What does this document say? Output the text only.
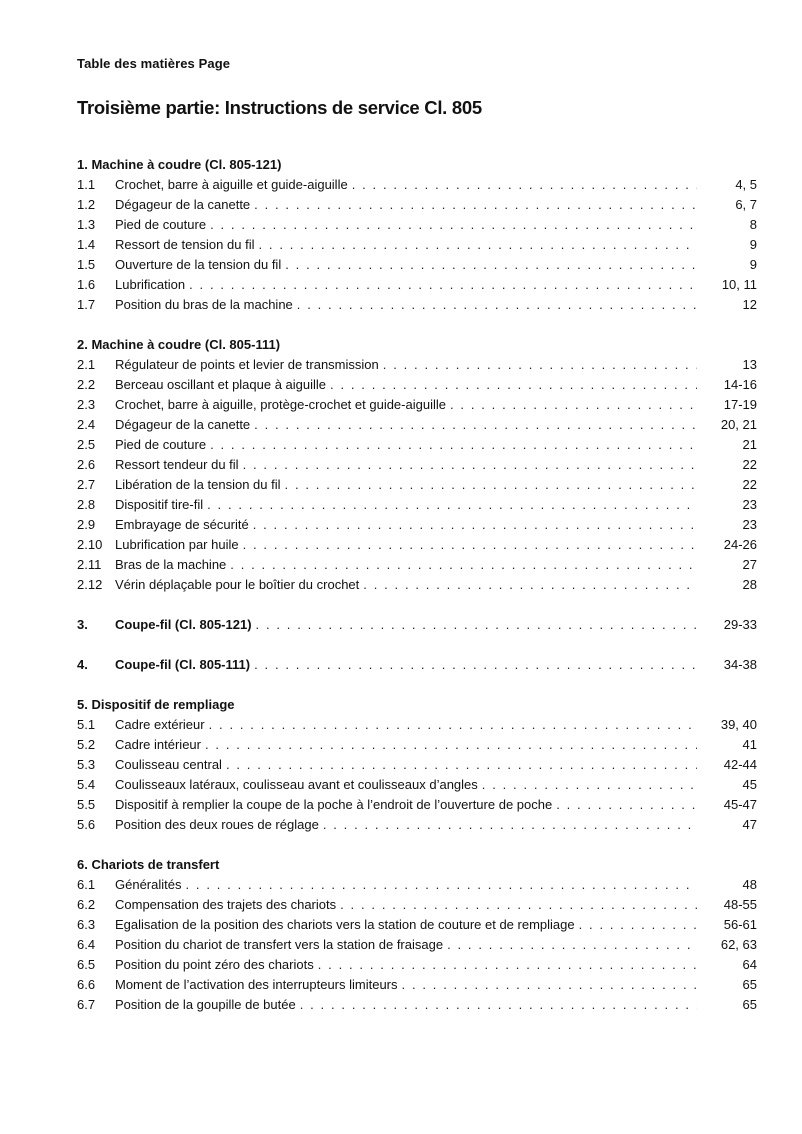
Table des matières Page
Troisième partie: Instructions de service Cl. 805
1. Machine à coudre (Cl. 805-121)
1.1	Crochet, barre à aiguille et guide-aiguille . . .	4, 5
1.2	Dégageur de la canette . . .	6, 7
1.3	Pied de couture . . .	8
1.4	Ressort de tension du fil . . .	9
1.5	Ouverture de la tension du fil . . .	9
1.6	Lubrification . . .	10, 11
1.7	Position du bras de la machine . . .	12
2. Machine à coudre (Cl. 805-111)
2.1	Régulateur de points et levier de transmission . . .	13
2.2	Berceau oscillant et plaque à aiguille . . .	14-16
2.3	Crochet, barre à aiguille, protège-crochet et guide-aiguille . . .	17-19
2.4	Dégageur de la canette . . .	20, 21
2.5	Pied de couture . . .	21
2.6	Ressort tendeur du fil . . .	22
2.7	Libération de la tension du fil . . .	22
2.8	Dispositif tire-fil . . .	23
2.9	Embrayage de sécurité . . .	23
2.10 Lubrification par huile . . .	24-26
2.11	Bras de la machine . . .	27
2.12 Vérin déplaçable pour le boîtier du crochet . . .	28
3.	Coupe-fil (Cl. 805-121) . . .	29-33
4.	Coupe-fil (Cl. 805-111) . . .	34-38
5. Dispositif de rempliage
5.1	Cadre extérieur . . .	39, 40
5.2	Cadre intérieur . . .	41
5.3	Coulisseau central . . .	42-44
5.4	Coulisseaux latéraux, coulisseau avant et coulisseaux d’angles . . .	45
5.5	Dispositif à remplier la coupe de la poche à l’endroit de l’ouverture de poche . . .	45-47
5.6	Position des deux roues de réglage . . .	47
6. Chariots de transfert
6.1	Généralités . . .	48
6.2	Compensation des trajets des chariots . . .	48-55
6.3	Egalisation de la position des chariots vers la station de couture et de rempliage . . .	56-61
6.4	Position du chariot de transfert vers la station de fraisage . . .	62, 63
6.5	Position du point zéro des chariots . . .	64
6.6	Moment de l’activation des interrupteurs limiteurs . . .	65
6.7	Position de la goupille de butée . . .	65
